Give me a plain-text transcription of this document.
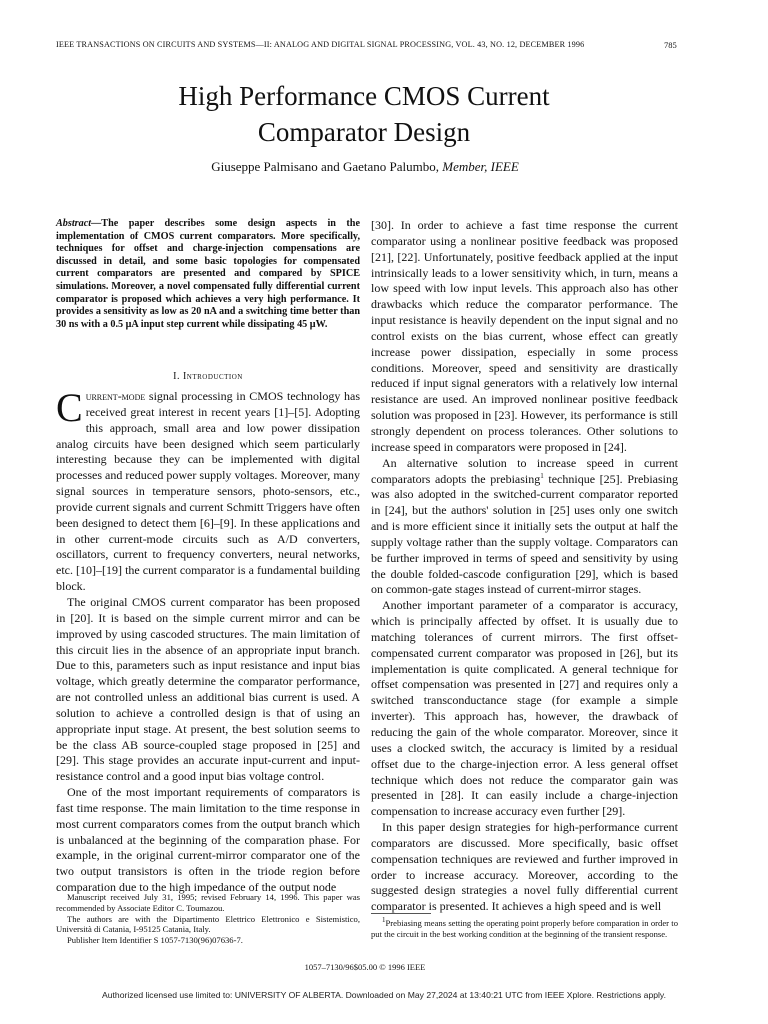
IEEE TRANSACTIONS ON CIRCUITS AND SYSTEMS—II: ANALOG AND DIGITAL SIGNAL PROCESSING, VOL. 43, NO. 12, DECEMBER 1996	785
High Performance CMOS Current
Comparator Design
Giuseppe Palmisano and Gaetano Palumbo, Member, IEEE
Abstract—The paper describes some design aspects in the implementation of CMOS current comparators. More specifically, techniques for offset and charge-injection compensations are discussed in detail, and some basic topologies for compensated current comparators are presented and compared by SPICE simulations. Moreover, a novel compensated fully differential current comparator is proposed which achieves a very high performance. It provides a sensitivity as low as 20 nA and a switching time better than 30 ns with a 0.5 μA input step current while dissipating 45 μW.
I. Introduction

Current-mode signal processing in CMOS technology has received great interest in recent years [1]–[5]. Adopting this approach, small area and low power dissipation analog circuits have been designed which seem particularly interesting because they can be implemented with digital processes and reduced power supply voltages. Moreover, many signal sources in temperature sensors, photo-sensors, etc., provide current signals and current Schmitt Triggers have often been designed to detect them [6]–[9]. In these applications and in other current-mode circuits such as A/D converters, oscillators, current to frequency converters, neural networks, etc. [10]–[19] the current comparator is a fundamental building block.

The original CMOS current comparator has been proposed in [20]. It is based on the simple current mirror and can be improved by using cascoded structures. The main limitation of this circuit lies in the absence of an appropriate input branch. Due to this, parameters such as input resistance and input bias voltage, which greatly determine the comparator performance, are not controlled unless an additional bias current is used. A solution to achieve a controlled design is that of using an appropriate input stage. At present, the best solution seems to be the class AB source-coupled stage proposed in [25] and [29]. This stage provides an accurate input-current and input-resistance control and a good input bias voltage control.

One of the most important requirements of comparators is fast time response. The main limitation to the time response in most current comparators comes from the output branch which is unbalanced at the beginning of the comparation phase. For example, in the original current-mirror comparator one of the two output transistors is often in the triode region before comparation due to the high impedance of the output node

[30]. In order to achieve a fast time response the current comparator using a nonlinear positive feedback was proposed [21], [22]. Unfortunately, positive feedback applied at the input intrinsically leads to a lower sensitivity which, in turn, means a low speed with low input levels. This approach also has other drawbacks which reduce the comparator performance. The input resistance is heavily dependent on the input signal and no control exists on the bias current, whose effect can greatly increase power dissipation, especially in some process conditions. Moreover, speed and sensitivity are drastically reduced if input signal generators with a relatively low internal resistance are used. An improved nonlinear positive feedback solution was proposed in [23]. However, its performance is still strongly dependent on process tolerances. Other solutions to increase speed in comparators were proposed in [24].

An alternative solution to increase speed in current comparators adopts the prebiasing$^1$ technique [25]. Prebiasing was also adopted in the switched-current comparator reported in [24], but the authors' solution in [25] uses only one switch and is more efficient since it initially sets the output at half the supply voltage rather than the supply voltage. Comparators can be further improved in terms of speed and sensitivity by using the double folded-cascode configuration [29], which is based on common-gate stages instead of current-mirror stages.

Another important parameter of a comparator is accuracy, which is principally affected by offset. It is usually due to matching tolerances of current mirrors. The first offset-compensated current comparator was proposed in [26], but its implementation is quite complicated. A general technique for offset compensation was presented in [27] and requires only a switched transconductance stage (for example a simple inverter). This approach has, however, the drawback of reducing the gain of the whole comparator. Moreover, since it uses a clocked switch, the accuracy is limited by a residual offset due to the charge-injection error. A less general offset technique which does not reduce the comparator gain was presented in [28]. It can easily include a charge-injection compensation to increase accuracy even further [29].

In this paper design strategies for high-performance current comparators are discussed. More specifically, basic offset compensation techniques are reviewed and further improved in order to increase accuracy. Moreover, according to the suggested design strategies a novel fully differential current comparator is presented. It achieves a high speed and is well

Manuscript received July 31, 1995; revised February 14, 1996. This paper was recommended by Associate Editor C. Toumazou.

The authors are with the Dipartimento Elettrico Elettronico e Sistemistico, Università di Catania, I-95125 Catania, Italy.

Publisher Item Identifier S 1057-7130(96)07636-7.

$^1$Prebiasing means setting the operating point properly before comparation in order to put the circuit in the best working condition at the beginning of the transient response.

1057–7130/96$05.00 © 1996 IEEE
Authorized licensed use limited to: UNIVERSITY OF ALBERTA. Downloaded on May 27,2024 at 13:40:21 UTC from IEEE Xplore. Restrictions apply.
